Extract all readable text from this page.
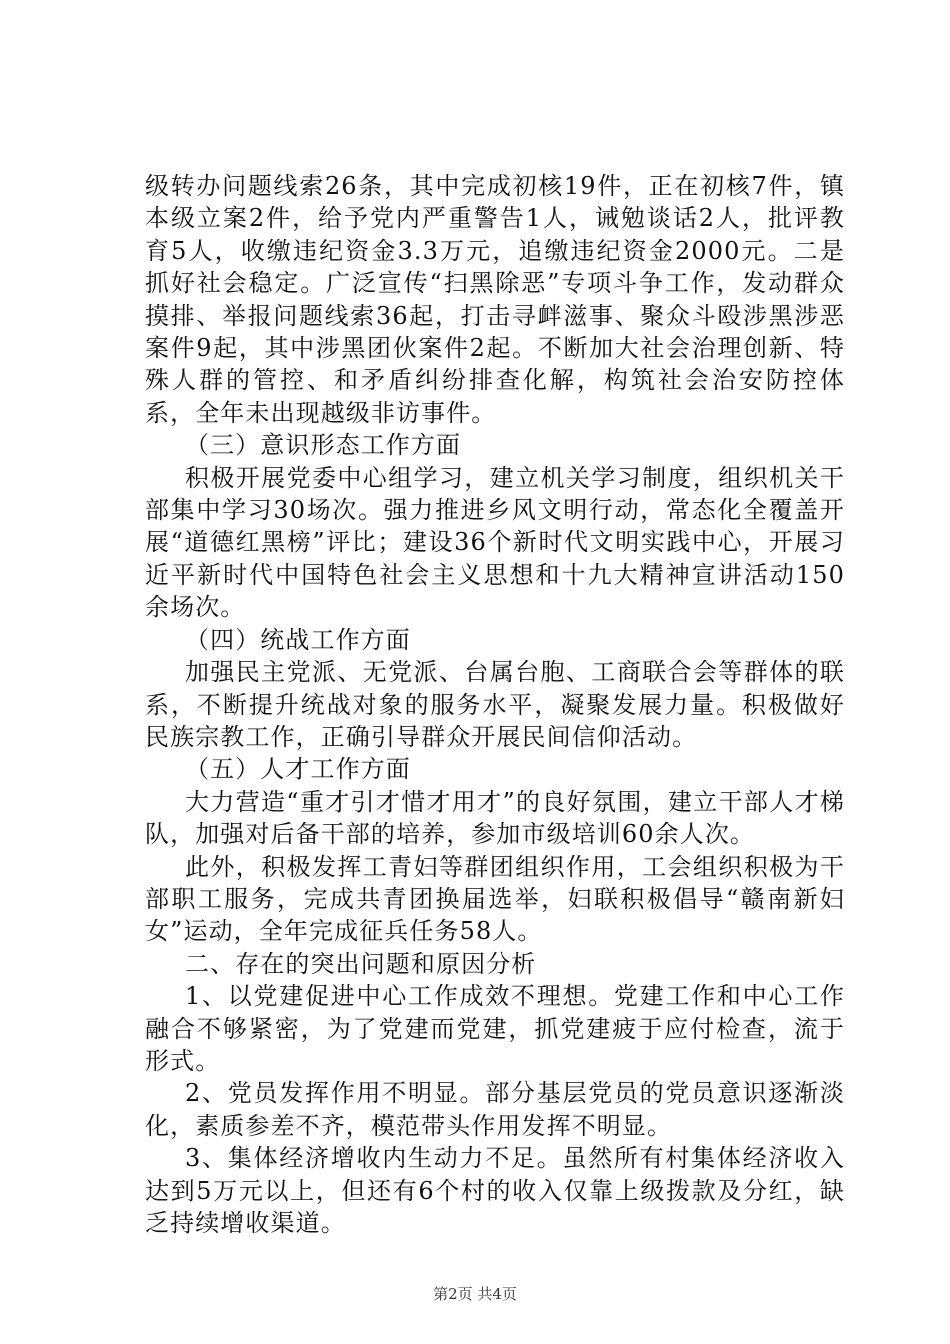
级转办问题线索26条，其中完成初核19件，正在初核7件，镇本级立案2件，给予党内严重警告1人，诫勉谈话2人，批评教育5人，收缴违纪资金3.3万元，追缴违纪资金2000元。二是抓好社会稳定。广泛宣传“扫黑除恶”专项斗争工作，发动群众摸排、举报问题线索36起，打击寻衅滋事、聚众斗殴涉黑涉恶案件9起，其中涉黑团伙案件2起。不断加大社会治理创新、特殊人群的管控、和矛盾纠纷排查化解，构筑社会治安防控体系，全年未出现越级非访事件。

（三）意识形态工作方面

积极开展党委中心组学习，建立机关学习制度，组织机关干部集中学习30场次。强力推进乡风文明行动，常态化全覆盖开展“道德红黑榜”评比；建设36个新时代文明实践中心，开展习近平新时代中国特色社会主义思想和十九大精神宣讲活动150余场次。

（四）统战工作方面

加强民主党派、无党派、台属台胞、工商联合会等群体的联系，不断提升统战对象的服务水平，凝聚发展力量。积极做好民族宗教工作，正确引导群众开展民间信仰活动。

（五）人才工作方面

大力营造“重才引才惜才用才”的良好氛围，建立干部人才梯队，加强对后备干部的培养，参加市级培训60余人次。

此外，积极发挥工青妇等群团组织作用，工会组织积极为干部职工服务，完成共青团换届选举，妇联积极倡导“赣南新妇女”运动，全年完成征兵任务58人。

二、存在的突出问题和原因分析

1、以党建促进中心工作成效不理想。党建工作和中心工作融合不够紧密，为了党建而党建，抓党建疲于应付检查，流于形式。

2、党员发挥作用不明显。部分基层党员的党员意识逐渐淡化，素质参差不齐，模范带头作用发挥不明显。

3、集体经济增收内生动力不足。虽然所有村集体经济收入达到5万元以上，但还有6个村的收入仅靠上级拨款及分红，缺乏持续增收渠道。

第2页 共4页
